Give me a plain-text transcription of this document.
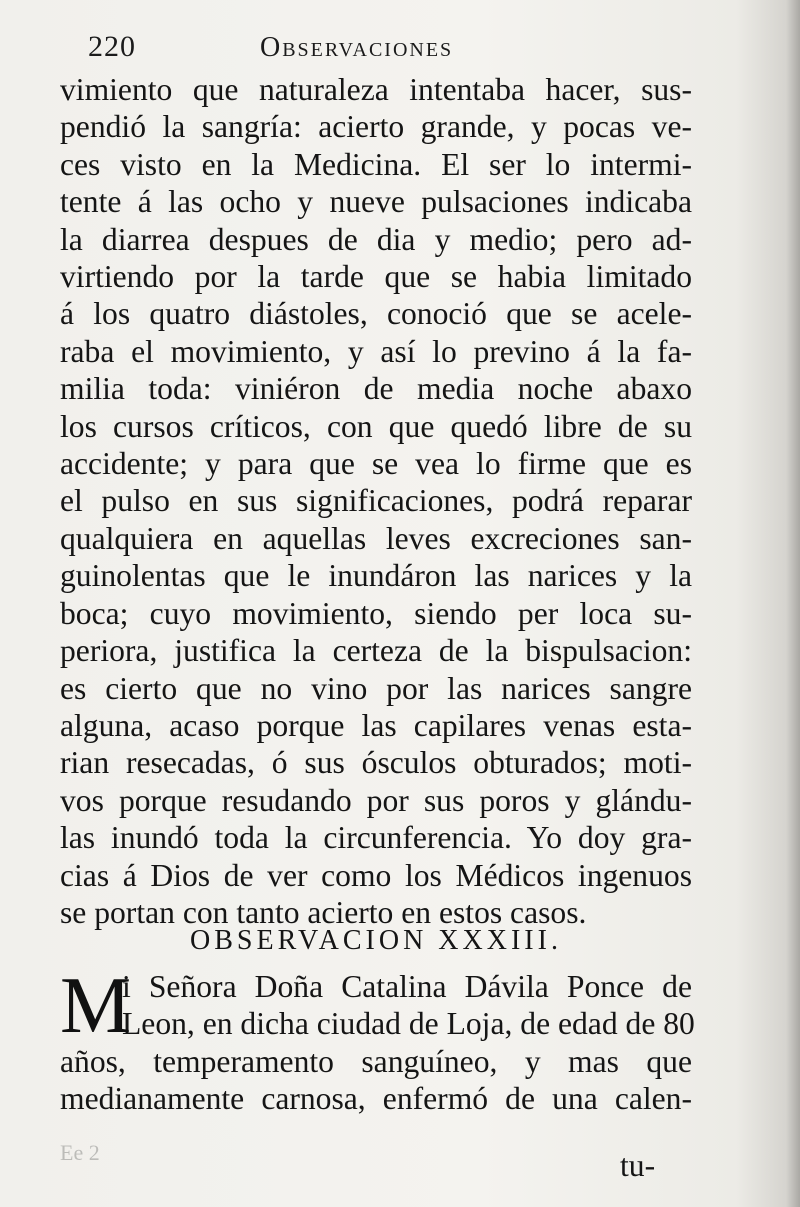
220	Observaciones
vimiento que naturaleza intentaba hacer, sus-
pendió la sangría: acierto grande, y pocas ve-
ces visto en la Medicina. El ser lo intermi-
tente á las ocho y nueve pulsaciones indicaba
la diarrea despues de dia y medio; pero ad-
virtiendo por la tarde que se habia limitado
á los quatro diástoles, conoció que se acele-
raba el movimiento, y así lo previno á la fa-
milia toda: viniéron de media noche abaxo
los cursos críticos, con que quedó libre de su
accidente; y para que se vea lo firme que es
el pulso en sus significaciones, podrá reparar
qualquiera en aquellas leves excreciones san-
guinolentas que le inundáron las narices y la
boca; cuyo movimiento, siendo per loca su-
periora, justifica la certeza de la bispulsacion:
es cierto que no vino por las narices sangre
alguna, acaso porque las capilares venas esta-
rian resecadas, ó sus ósculos obturados; moti-
vos porque resudando por sus poros y glándu-
las inundó toda la circunferencia. Yo doy gra-
cias á Dios de ver como los Médicos ingenuos
se portan con tanto acierto en estos casos.
OBSERVACION XXXIII.
M
i Señora Doña Catalina Dávila Ponce de
Leon, en dicha ciudad de Loja, de edad de 80
años, temperamento sanguíneo, y mas que
medianamente carnosa, enfermó de una calen-
tu-
Ee 2
